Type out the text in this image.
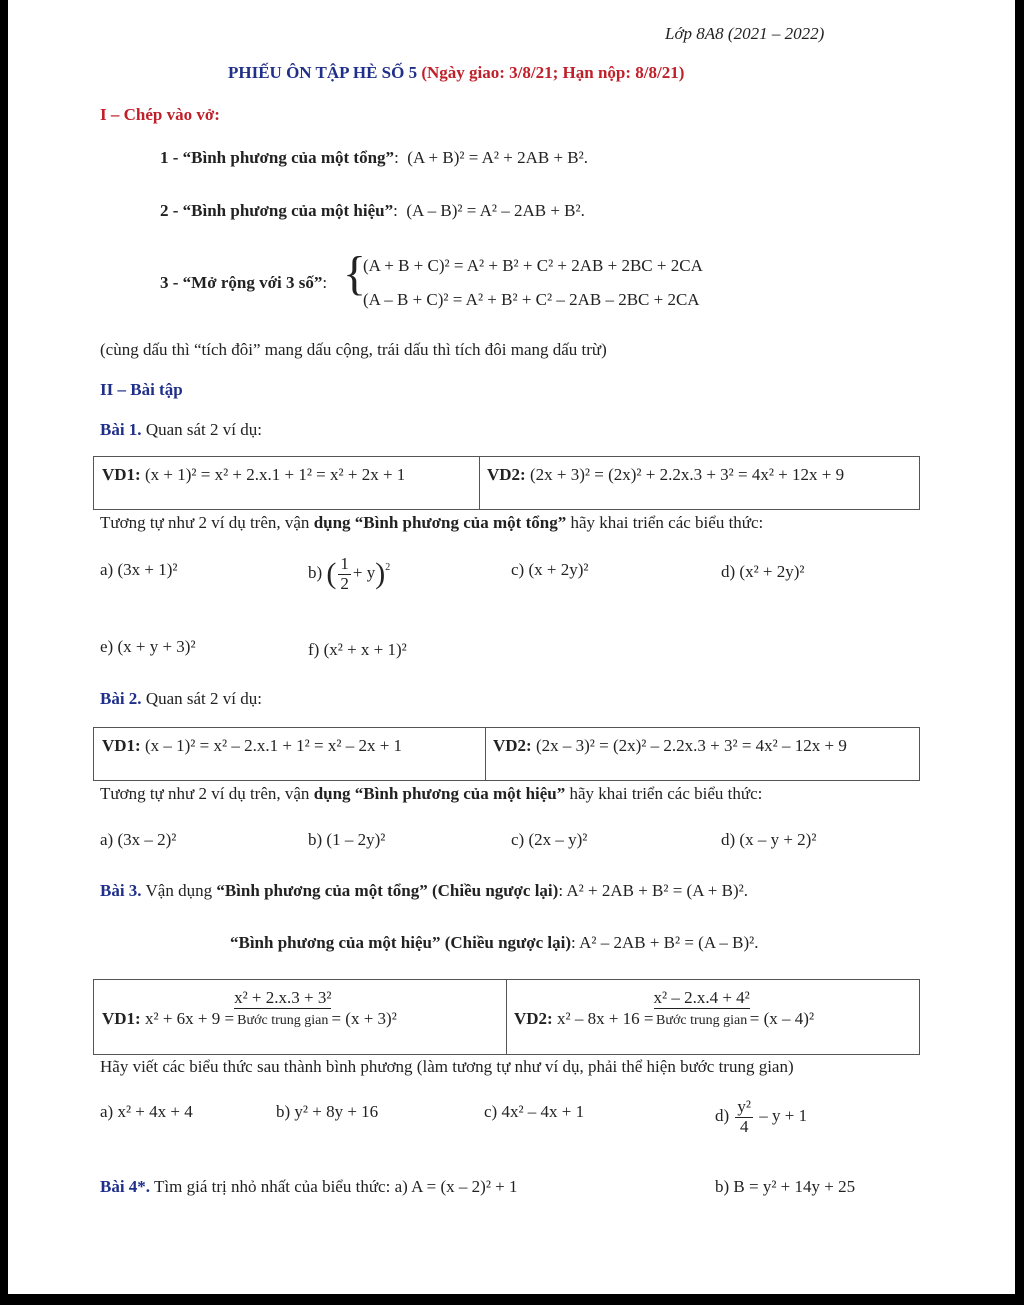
Lớp 8A8 (2021 – 2022)
PHIẾU ÔN TẬP HÈ SỐ 5 (Ngày giao: 3/8/21; Hạn nộp: 8/8/21)
I – Chép vào vở:
1 - “Bình phương của một tổng”:  (A + B)² = A² + 2AB + B².
2 - “Bình phương của một hiệu”:  (A – B)² = A² – 2AB + B².
3 - “Mở rộng với 3 số”: {
(A + B + C)² = A² + B² + C² + 2AB + 2BC + 2CA
(A – B + C)² = A² + B² + C² – 2AB – 2BC + 2CA
(cùng dấu thì “tích đôi” mang dấu cộng, trái dấu thì tích đôi mang dấu trừ)
II – Bài tập
Bài 1. Quan sát 2 ví dụ:
VD1: (x + 1)² = x² + 2.x.1 + 1² = x² + 2x + 1	VD2: (2x + 3)² = (2x)² + 2.2x.3 + 3² = 4x² + 12x + 9
Tương tự như 2 ví dụ trên, vận dụng “Bình phương của một tổng” hãy khai triển các biểu thức:
a) (3x + 1)²	b) ( $\frac{1}{2} + y)^2$	c) (x + 2y)²	d) (x² + 2y)²
e) (x + y + 3)²	f) (x² + x + 1)²
Bài 2. Quan sát 2 ví dụ:
VD1: (x – 1)² = x² – 2.x.1 + 1² = x² – 2x + 1	VD2: (2x – 3)² = (2x)² – 2.2x.3 + 3² = 4x² – 12x + 9
Tương tự như 2 ví dụ trên, vận dụng “Bình phương của một hiệu” hãy khai triển các biểu thức:
a) (3x – 2)²	b) (1 – 2y)²	c) (2x – y)²	d) (x – y + 2)²
Bài 3. Vận dụng “Bình phương của một tổng” (Chiều ngược lại): A² + 2AB + B² = (A + B)².
“Bình phương của một hiệu” (Chiều ngược lại): A² – 2AB + B² = (A – B)².
VD1: x² + 6x + 9 =
x² + 2.x.3 + 3²
Bước trung gian = (x + 3)²	VD2: x² – 8x + 16 =
x² – 2.x.4 + 4²
Bước trung gian = (x – 4)²
Hãy viết các biểu thức sau thành bình phương (làm tương tự như ví dụ, phải thể hiện bước trung gian)
a) x² + 4x + 4	b) y² + 8y + 16	c) 4x² – 4x + 1	$d) \frac{\text{y²}}{4} - y + 1$
Bài 4*. Tìm giá trị nhỏ nhất của biểu thức: a) A = (x – 2)² + 1	b) B = y² + 14y + 25
